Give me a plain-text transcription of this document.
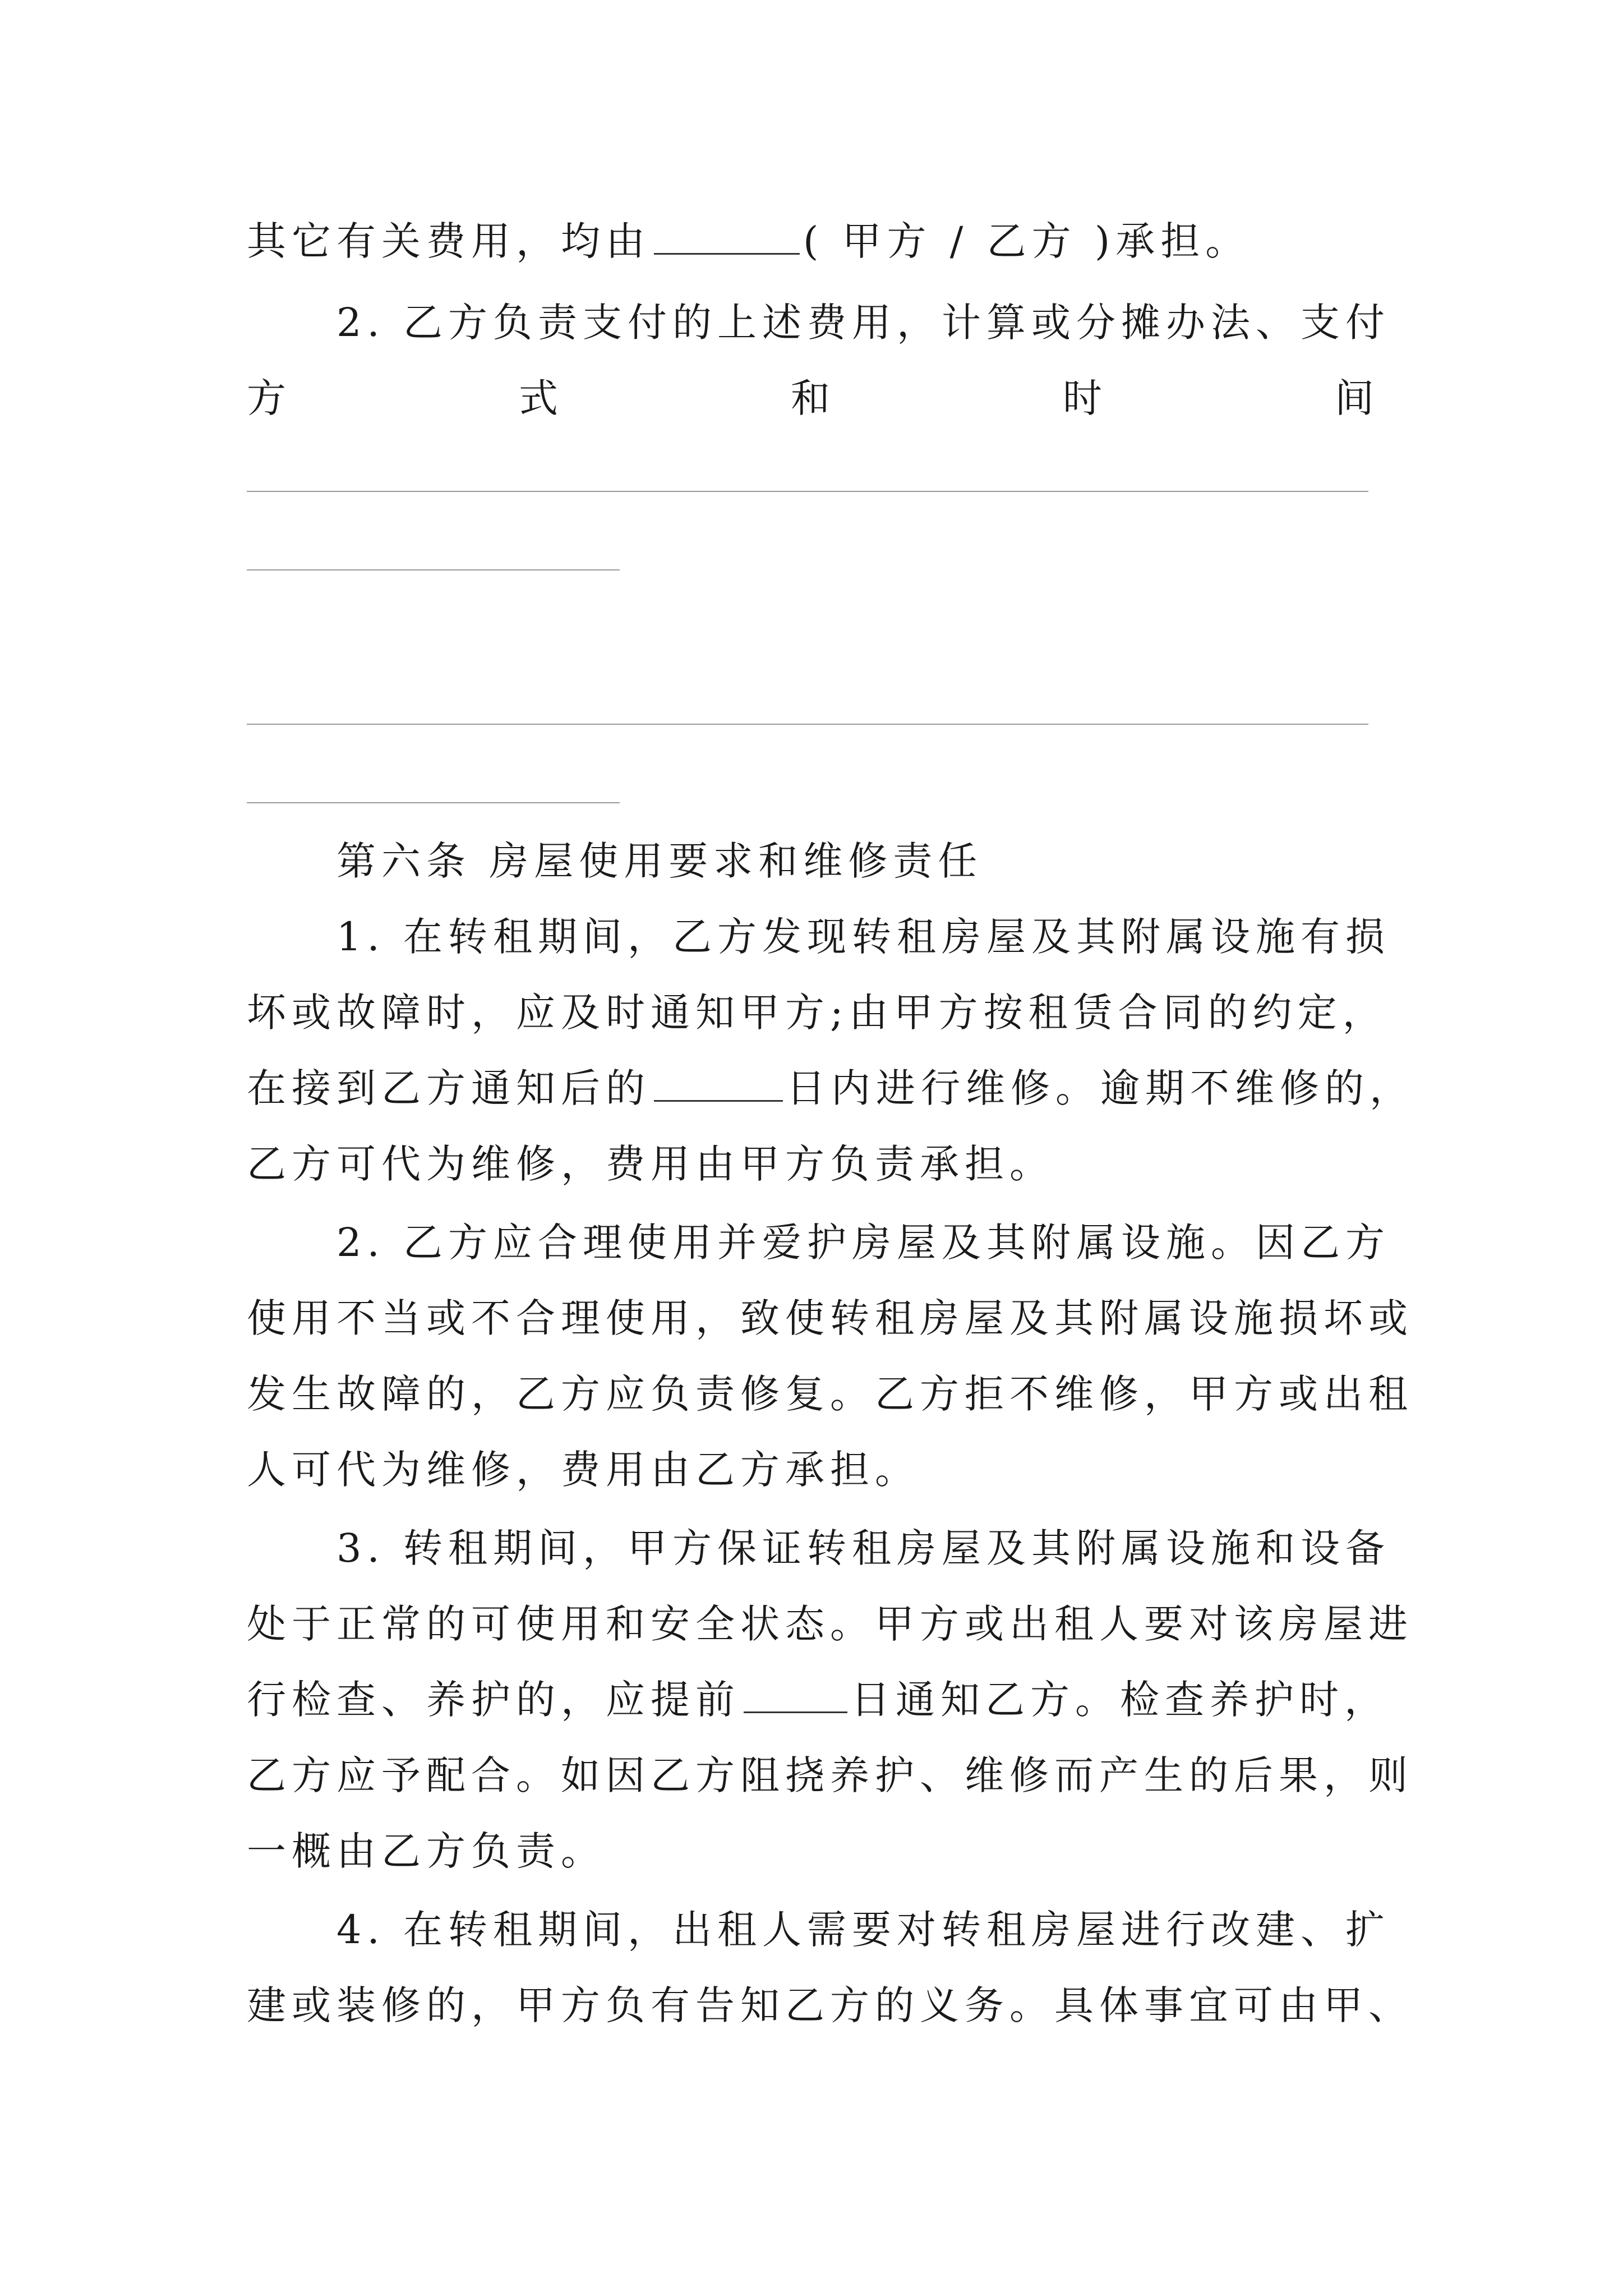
其它有关费用，均由	( 甲方 / 乙方 )承担。
2. 乙方负责支付的上述费用，计算或分摊办法、支付
方	式	和	时	间
第六条 房屋使用要求和维修责任
1. 在转租期间，乙方发现转租房屋及其附属设施有损
坏或故障时，应及时通知甲方;由甲方按租赁合同的约定，
在接到乙方通知后的	日内进行维修。逾期不维修的，
乙方可代为维修，费用由甲方负责承担。
2. 乙方应合理使用并爱护房屋及其附属设施。因乙方
使用不当或不合理使用，致使转租房屋及其附属设施损坏或
发生故障的，乙方应负责修复。乙方拒不维修，甲方或出租
人可代为维修，费用由乙方承担。
3. 转租期间，甲方保证转租房屋及其附属设施和设备
处于正常的可使用和安全状态。甲方或出租人要对该房屋进
行检查、养护的，应提前	日通知乙方。检查养护时，
乙方应予配合。如因乙方阻挠养护、维修而产生的后果，则
一概由乙方负责。
4. 在转租期间，出租人需要对转租房屋进行改建、扩
建或装修的，甲方负有告知乙方的义务。具体事宜可由甲、
